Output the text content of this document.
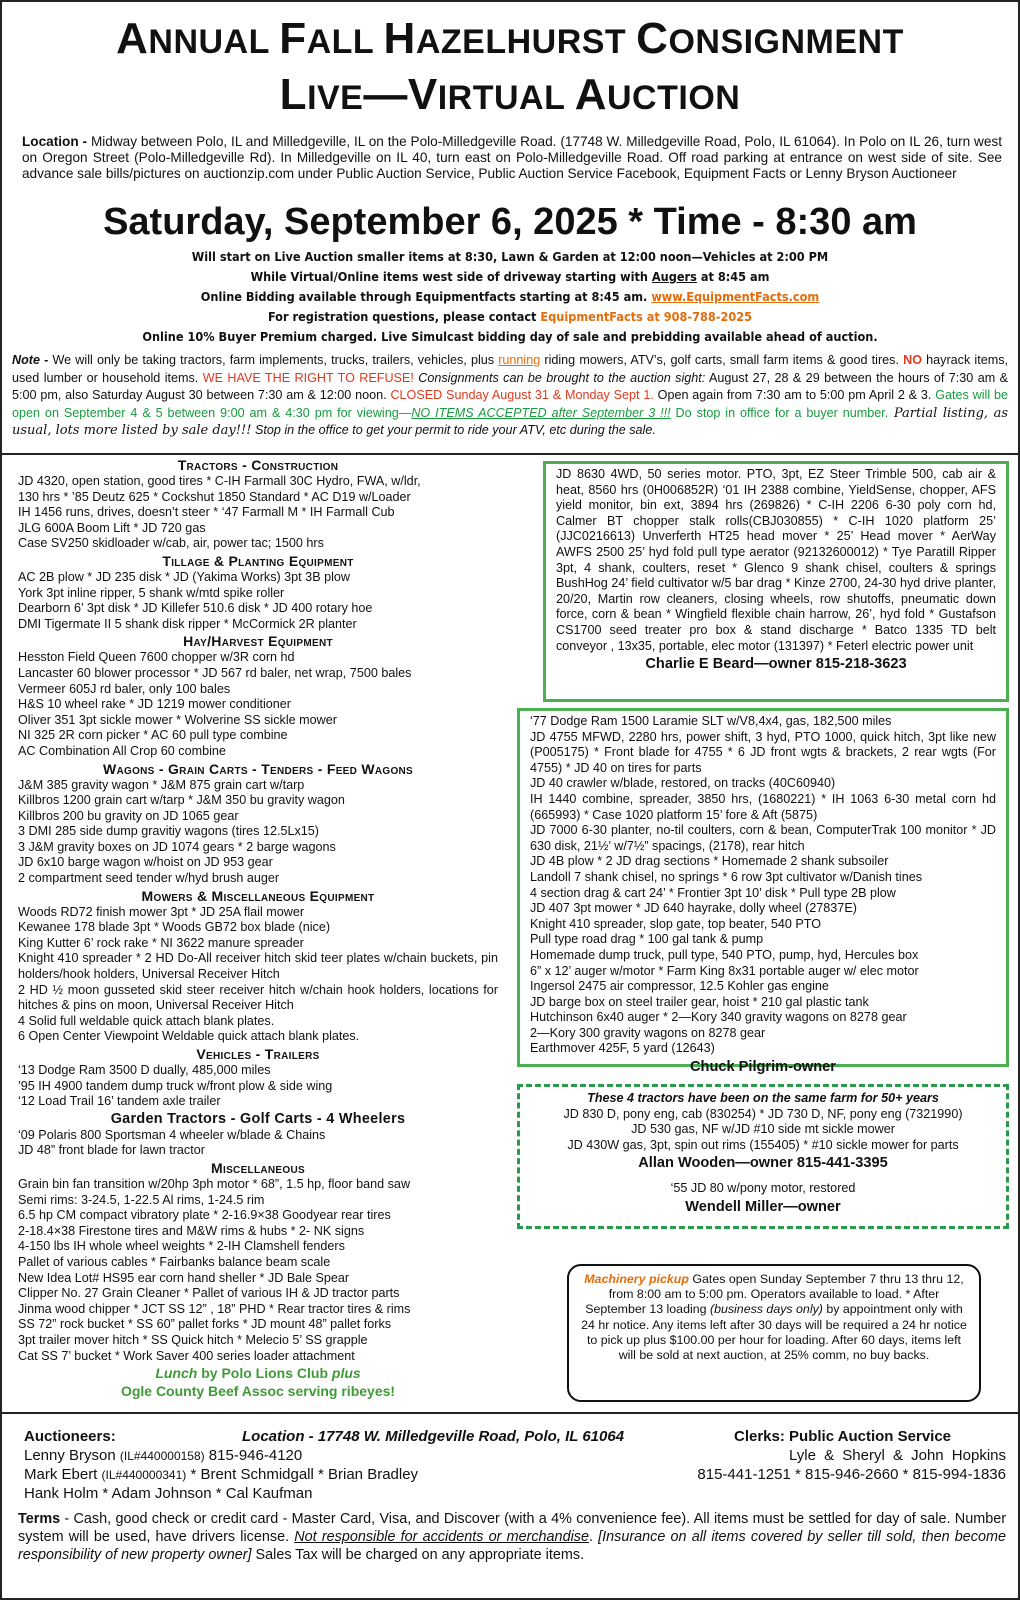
ANNUAL FALL HAZELHURST CONSIGNMENT
LIVE—VIRTUAL AUCTION
Location - Midway between Polo, IL and Milledgeville, IL on the Polo-Milledgeville Road. (17748 W. Milledgeville Road, Polo, IL 61064). In Polo on IL 26, turn west on Oregon Street (Polo-Milledgeville Rd). In Milledgeville on IL 40, turn east on Polo-Milledgeville Road. Off road parking at entrance on west side of site. See advance sale bills/pictures on auctionzip.com under Public Auction Service, Public Auction Service Facebook, Equipment Facts or Lenny Bryson Auctioneer
Saturday, September 6, 2025 * Time - 8:30 am
Will start on Live Auction smaller items at 8:30, Lawn & Garden at 12:00 noon—Vehicles at 2:00 PM
While Virtual/Online items west side of driveway starting with Augers at 8:45 am
Online Bidding available through Equipmentfacts starting at 8:45 am. www.EquipmentFacts.com
For registration questions, please contact EquipmentFacts at 908-788-2025
Online 10% Buyer Premium charged. Live Simulcast bidding day of sale and prebidding available ahead of auction.
Note - We will only be taking tractors, farm implements, trucks, trailers, vehicles, plus running riding mowers, ATV’s, golf carts, small farm items & good tires. NO hayrack items, used lumber or household items. WE HAVE THE RIGHT TO REFUSE! Consignments can be brought to the auction sight: August 27, 28 & 29 between the hours of 7:30 am & 5:00 pm, also Saturday August 30 between 7:30 am & 12:00 noon. CLOSED Sunday August 31 & Monday Sept 1. Open again from 7:30 am to 5:00 pm April 2 & 3. Gates will be open on September 4 & 5 between 9:00 am & 4:30 pm for viewing—NO ITEMS ACCEPTED after September 3 !!! Do stop in office for a buyer number. Partial listing, as usual, lots more listed by sale day!!! Stop in the office to get your permit to ride your ATV, etc during the sale.
Tractors - Construction
JD 4320, open station, good tires * C-IH Farmall 30C Hydro, FWA, w/ldr,
130 hrs * ’85 Deutz 625 * Cockshut 1850 Standard * AC D19 w/Loader
IH 1456 runs, drives, doesn’t steer * ‘47 Farmall M * IH Farmall Cub
JLG 600A Boom Lift * JD 720 gas
Case SV250 skidloader w/cab, air, power tac; 1500 hrs
Tillage & Planting Equipment
AC 2B plow * JD 235 disk * JD (Yakima Works) 3pt 3B plow
York 3pt inline ripper, 5 shank w/mtd spike roller
Dearborn 6’ 3pt disk * JD Killefer 510.6 disk * JD 400 rotary hoe
DMI Tigermate II 5 shank disk ripper * McCormick 2R planter
Hay/Harvest Equipment
Hesston Field Queen 7600 chopper w/3R corn hd
Lancaster 60 blower processor * JD 567 rd baler, net wrap, 7500 bales
Vermeer 605J rd baler, only 100 bales
H&S 10 wheel rake * JD 1219 mower conditioner
Oliver 351 3pt sickle mower * Wolverine SS sickle mower
NI 325 2R corn picker * AC 60 pull type combine
AC Combination All Crop 60 combine
Wagons - Grain Carts - Tenders - Feed Wagons
J&M 385 gravity wagon * J&M 875 grain cart w/tarp
Killbros 1200 grain cart w/tarp * J&M 350 bu gravity wagon
Killbros 200 bu gravity on JD 1065 gear
3 DMI 285 side dump gravitiy wagons (tires 12.5Lx15)
3 J&M gravity boxes on JD 1074 gears * 2 barge wagons
JD 6x10 barge wagon w/hoist on JD 953 gear
2 compartment seed tender w/hyd brush auger
Mowers & Miscellaneous Equipment
Woods RD72 finish mower 3pt * JD 25A flail mower
Kewanee 178 blade 3pt * Woods GB72 box blade (nice)
King Kutter 6’ rock rake * NI 3622 manure spreader
Knight 410 spreader * 2 HD Do-All receiver hitch skid teer plates w/chain buckets, pin holders/hook holders, Universal Receiver Hitch
2 HD ½ moon gusseted skid steer receiver hitch w/chain hook holders, locations for hitches & pins on moon, Universal Receiver Hitch
4 Solid full weldable quick attach blank plates.
6 Open Center Viewpoint Weldable quick attach blank plates.
Vehicles - Trailers
‘13 Dodge Ram 3500 D dually, 485,000 miles
’95 IH 4900 tandem dump truck w/front plow & side wing
‘12 Load Trail 16’ tandem axle trailer
Garden Tractors - Golf Carts - 4 Wheelers
‘09 Polaris 800 Sportsman 4 wheeler w/blade & Chains
JD 48” front blade for lawn tractor
Miscellaneous
Grain bin fan transition w/20hp 3ph motor * 68”, 1.5 hp, floor band saw
Semi rims: 3-24.5, 1-22.5 Al rims, 1-24.5 rim
6.5 hp CM compact vibratory plate * 2-16.9×38 Goodyear rear tires
2-18.4×38 Firestone tires and M&W rims & hubs * 2- NK signs
4-150 lbs IH whole wheel weights * 2-IH Clamshell fenders
Pallet of various cables * Fairbanks balance beam scale
New Idea Lot# HS95 ear corn hand sheller * JD Bale Spear
Clipper No. 27 Grain Cleaner * Pallet of various IH & JD tractor parts
Jinma wood chipper * JCT SS 12” , 18” PHD * Rear tractor tires & rims
SS 72” rock bucket * SS 60” pallet forks * JD mount 48” pallet forks
3pt trailer mover hitch * SS Quick hitch * Melecio 5’ SS grapple
Cat SS 7’ bucket * Work Saver 400 series loader attachment
Lunch by Polo Lions Club plus
Ogle County Beef Assoc serving ribeyes!
JD 8630 4WD, 50 series motor. PTO, 3pt, EZ Steer Trimble 500, cab air & heat, 8560 hrs (0H006852R) ‘01 IH 2388 combine, YieldSense, chopper, AFS yield monitor, bin ext, 3894 hrs (269826) * C-IH 2206 6-30 poly corn hd, Calmer BT chopper stalk rolls(CBJ030855) * C-IH 1020 platform 25’ (JJC0216613) Unverferth HT25 head mover * 25’ Head mover * AerWay AWFS 2500 25’ hyd fold pull type aerator (92132600012) * Tye Paratill Ripper 3pt, 4 shank, coulters, reset * Glenco 9 shank chisel, coulters & springs BushHog 24’ field cultivator w/5 bar drag * Kinze 2700, 24-30 hyd drive planter, 20/20, Martin row cleaners, closing wheels, row shutoffs, pneumatic down force, corn & bean * Wingfield flexible chain harrow, 26’, hyd fold * Gustafson CS1700 seed treater pro box & stand discharge * Batco 1335 TD belt conveyor , 13x35, portable, elec motor (131397) * Feterl electric power unit
Charlie E Beard—owner 815-218-3623
‘77 Dodge Ram 1500 Laramie SLT w/V8,4x4, gas, 182,500 miles
JD 4755 MFWD, 2280 hrs, power shift, 3 hyd, PTO 1000, quick hitch, 3pt like new (P005175) * Front blade for 4755 * 6 JD front wgts & brackets, 2 rear wgts (For 4755) * JD 40 on tires for parts
JD 40 crawler w/blade, restored, on tracks (40C60940)
IH 1440 combine, spreader, 3850 hrs, (1680221) * IH 1063 6-30 metal corn hd (665993) * Case 1020 platform 15’ fore & Aft (5875)
JD 7000 6-30 planter, no-til coulters, corn & bean, ComputerTrak 100 monitor * JD 630 disk, 21½’ w/7½” spacings, (2178), rear hitch
JD 4B plow * 2 JD drag sections * Homemade 2 shank subsoiler
Landoll 7 shank chisel, no springs * 6 row 3pt cultivator w/Danish tines
4 section drag & cart 24’ * Frontier 3pt 10’ disk * Pull type 2B plow
JD 407 3pt mower * JD 640 hayrake, dolly wheel (27837E)
Knight 410 spreader, slop gate, top beater, 540 PTO
Pull type road drag * 100 gal tank & pump
Homemade dump truck, pull type, 540 PTO, pump, hyd, Hercules box
6” x 12’ auger w/motor * Farm King 8x31 portable auger w/ elec motor
Ingersol 2475 air compressor, 12.5 Kohler gas engine
JD barge box on steel trailer gear, hoist * 210 gal plastic tank
Hutchinson 6x40 auger * 2—Kory 340 gravity wagons on 8278 gear
2—Kory 300 gravity wagons on 8278 gear
Earthmover 425F, 5 yard (12643)
Chuck Pilgrim-owner
These 4 tractors have been on the same farm for 50+ years
JD 830 D, pony eng, cab (830254) * JD 730 D, NF, pony eng (7321990)
JD 530 gas, NF w/JD #10 side mt sickle mower
JD 430W gas, 3pt, spin out rims (155405) * #10 sickle mower for parts
Allan Wooden—owner 815-441-3395
‘55 JD 80 w/pony motor, restored
Wendell Miller—owner
Machinery pickup Gates open Sunday September 7 thru 13 thru 12, from 8:00 am to 5:00 pm. Operators available to load. * After September 13 loading (business days only) by appointment only with 24 hr notice. Any items left after 30 days will be required a 24 hr notice to pick up plus $100.00 per hour for loading. After 60 days, items left will be sold at next auction, at 25% comm, no buy backs.
Auctioneers:	Location - 17748 W. Milledgeville Road, Polo, IL 61064	Clerks: Public Auction Service
Lenny Bryson (IL#440000158) 815-946-4120
Mark Ebert (IL#440000341) * Brent Schmidgall * Brian Bradley
Hank Holm * Adam Johnson * Cal Kaufman
Lyle & Sheryl & John Hopkins
815-441-1251 * 815-946-2660 * 815-994-1836
Terms - Cash, good check or credit card - Master Card, Visa, and Discover (with a 4% convenience fee). All items must be settled for day of sale. Number system will be used, have drivers license. Not responsible for accidents or merchandise. [Insurance on all items covered by seller till sold, then become responsibility of new property owner] Sales Tax will be charged on any appropriate items.
